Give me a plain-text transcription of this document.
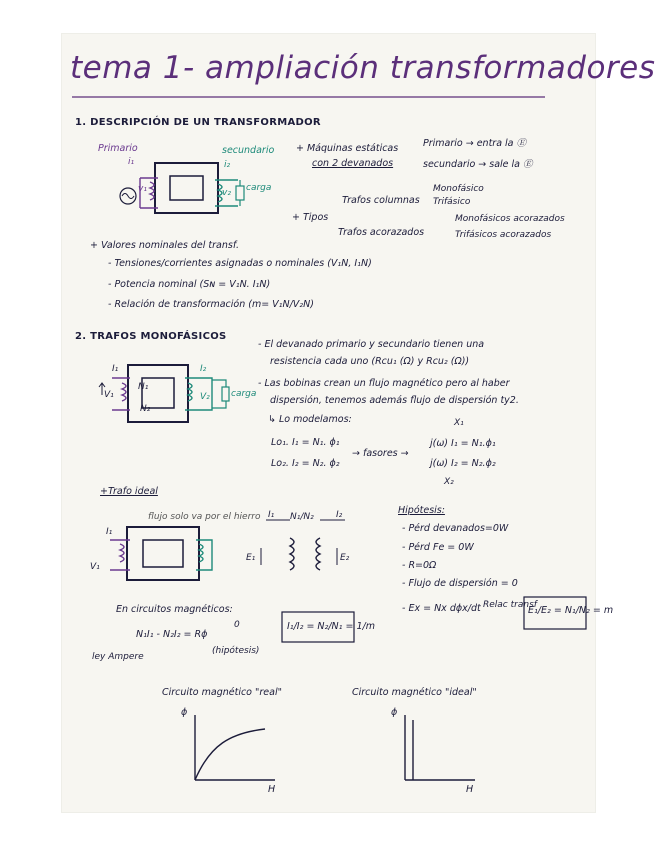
tema 1- ampliación transformadores
1. DESCRIPCIÓN DE UN TRANSFORMADOR
Primario	secundario
i₁
v₁
i₂
v₂ carga
+ Máquinas estáticas
con 2 devanados
Primario → entra la Ⓔ
secundario → sale la Ⓔ
Monofásico
Trafos columnas Trifásico
+ Tipos
Trafos acorazados
Monofásicos acorazados
Trifásicos acorazados
+ Valores nominales del transf.
- Tensiones/corrientes asignadas o nominales (V₁N, I₁N)
- Potencia nominal (Sɴ = V₁N. I₁N)
- Relación de transformación (m= V₁N/V₂N)
2. TRAFOS MONOFÁSICOS
I₁	I₂
V₁	V₂
N₁
N₂
carga
- El devanado primario y secundario tienen una
resistencia cada uno (Rcu₁ (Ω) y Rcu₂ (Ω))
- Las bobinas crean un flujo magnético pero al haber
dispersión, tenemos además flujo de dispersión ty2.
↳ Lo modelamos:	X₁
Lo₁. I₁ = N₁. ϕ₁
Lo₂. I₂ = N₂. ϕ₂
→ fasores →
j(ω) I₁ = N₁.ϕ₁
j(ω) I₂ = N₂.ϕ₂
X₂
+Trafo ideal
flujo solo va por el hierro
I₁
I₁ N₁/N₂ I₂
E₁	E₂
V₁
Hipótesis:
- Pérd devanados=0W
- Pérd Fe = 0W
- R=0Ω
- Flujo de dispersión = 0
- Ex = Nx dϕx/dt Relac transf
E₁/E₂ = N₁/N₂ = m
En circuitos magnéticos:
N₁I₁ - N₂I₂ = Rϕ
0
(hipótesis)
ley Ampere
I₁/I₂ = N₂/N₁ = 1/m
Circuito magnético "real"	Circuito magnético "ideal"
ϕ
H
ϕ
H
